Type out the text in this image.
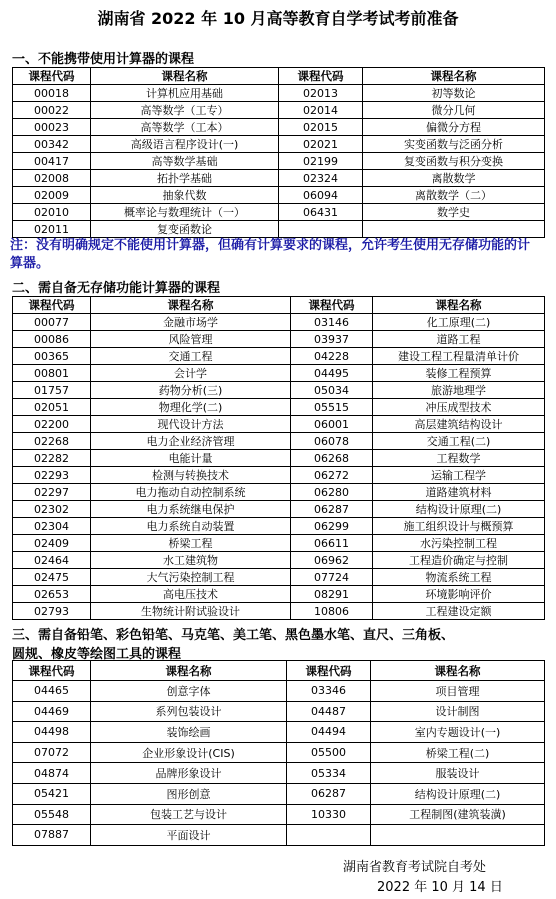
湖南省 2022 年 10 月高等教育自学考试考前准备
一、不能携带使用计算器的课程
课程代码	课程名称	课程代码	课程名称
00018	计算机应用基础	02013	初等数论
00022	高等数学（工专）	02014	微分几何
00023	高等数学（工本）	02015	偏微分方程
00342	高级语言程序设计(一)	02021	实变函数与泛函分析
00417	高等数学基础	02199	复变函数与积分变换
02008	拓扑学基础	02324	离散数学
02009	抽象代数	06094	离散数学（二）
02010	概率论与数理统计（一）	06431	数学史
02011	复变函数论		
注：没有明确规定不能使用计算器，但确有计算要求的课程，允许考生使用无存储功能的计算器。
二、需自备无存储功能计算器的课程
课程代码	课程名称	课程代码	课程名称
00077	金融市场学	03146	化工原理(二)
00086	风险管理	03937	道路工程
00365	交通工程	04228	建设工程工程量清单计价
00801	会计学	04495	装修工程预算
01757	药物分析(三)	05034	旅游地理学
02051	物理化学(二)	05515	冲压成型技术
02200	现代设计方法	06001	高层建筑结构设计
02268	电力企业经济管理	06078	交通工程(二)
02282	电能计量	06268	工程数学
02293	检测与转换技术	06272	运输工程学
02297	电力拖动自动控制系统	06280	道路建筑材料
02302	电力系统继电保护	06287	结构设计原理(二)
02304	电力系统自动装置	06299	施工组织设计与概预算
02409	桥梁工程	06611	水污染控制工程
02464	水工建筑物	06962	工程造价确定与控制
02475	大气污染控制工程	07724	物流系统工程
02653	高电压技术	08291	环境影响评价
02793	生物统计附试验设计	10806	工程建设定额
三、需自备铅笔、彩色铅笔、马克笔、美工笔、黑色墨水笔、直尺、三角板、
圆规、橡皮等绘图工具的课程
课程代码	课程名称	课程代码	课程名称
04465	创意字体	03346	项目管理
04469	系列包装设计	04487	设计制图
04498	装饰绘画	04494	室内专题设计(一)
07072	企业形象设计(CIS)	05500	桥梁工程(二)
04874	品牌形象设计	05334	服装设计
05421	图形创意	06287	结构设计原理(二)
05548	包装工艺与设计	10330	工程制图(建筑装潢)
07887	平面设计		
湖南省教育考试院自考处
2022 年 10 月 14 日
